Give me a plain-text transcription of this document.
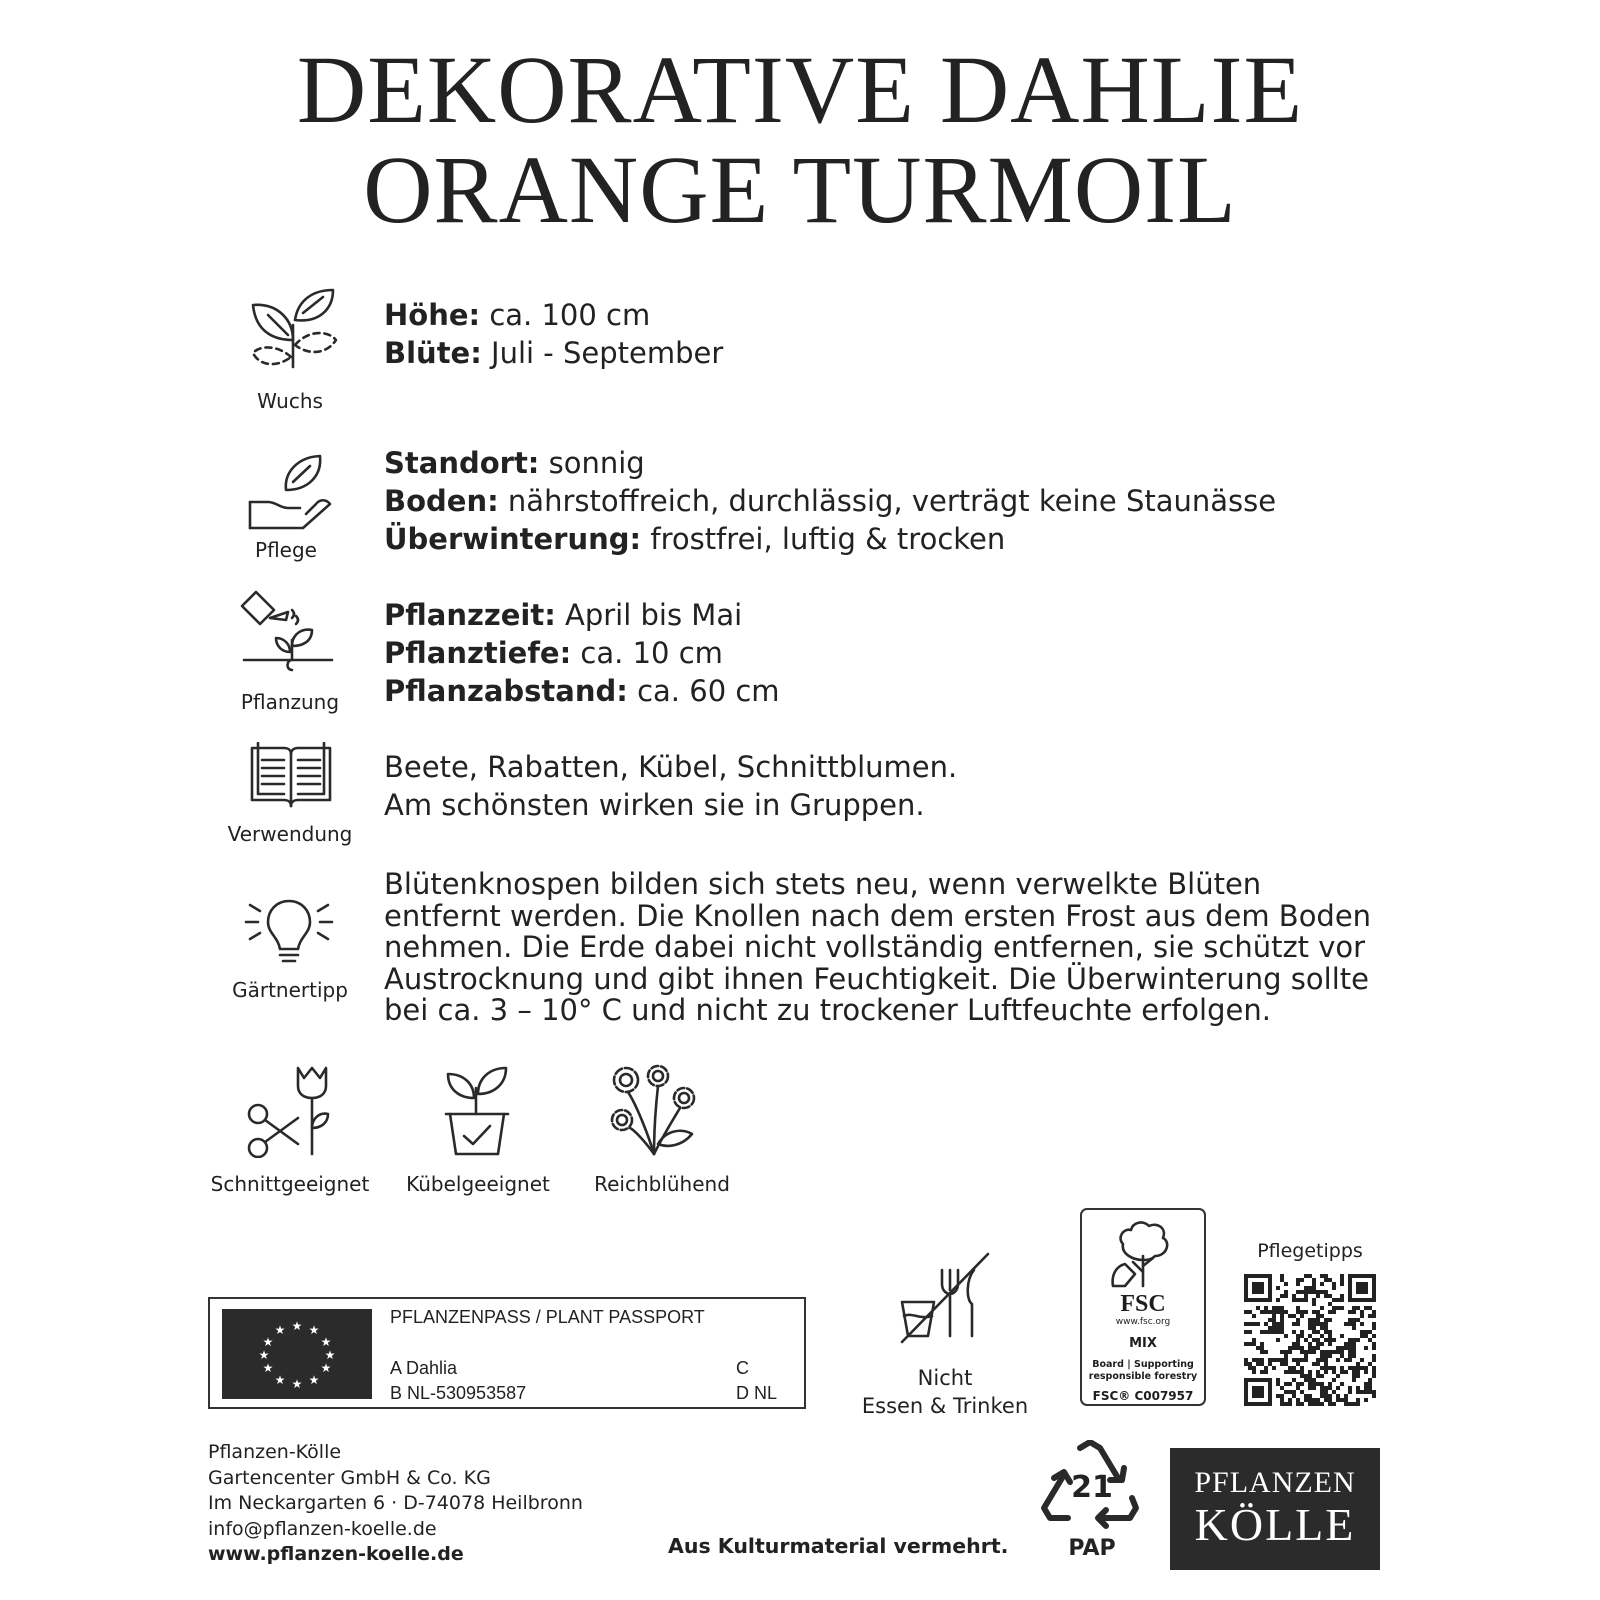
DEKORATIVE DAHLIE
ORANGE TURMOIL
Wuchs
Höhe: ca. 100 cm
Blüte: Juli - September
Pflege
Standort: sonnig
Boden: nährstoffreich, durchlässig, verträgt keine Staunässe
Überwinterung: frostfrei, luftig & trocken
Pflanzung
Pflanzzeit: April bis Mai
Pflanztiefe: ca. 10 cm
Pflanzabstand: ca. 60 cm
Verwendung
Beete, Rabatten, Kübel, Schnittblumen.
Am schönsten wirken sie in Gruppen.
Gärtnertipp
Blütenknospen bilden sich stets neu, wenn verwelkte Blüten
entfernt werden. Die Knollen nach dem ersten Frost aus dem Boden
nehmen. Die Erde dabei nicht vollständig entfernen, sie schützt vor
Austrocknung und gibt ihnen Feuchtigkeit. Die Überwinterung sollte
bei ca. 3 – 10° C und nicht zu trockener Luftfeuchte erfolgen.
Schnittgeeignet	Kübelgeeignet	Reichblühend
★ ★
★
★
★
★
★
★
★
★
★
★
PFLANZENPASS / PLANT PASSPORT
A Dahlia
B NL-530953587
C
D NL
Nicht
Essen & Trinken
FSC
www.fsc.org
MIX
Board | Supporting
responsible forestry
FSC® C007957
Pflegetipps
Pflanzen-Kölle
Gartencenter GmbH & Co. KG
Im Neckargarten 6 · D-74078 Heilbronn
info@pflanzen-koelle.de
www.pflanzen-koelle.de	Aus Kulturmaterial vermehrt.
21
PAP
PFLANZEN
KÖLLE
